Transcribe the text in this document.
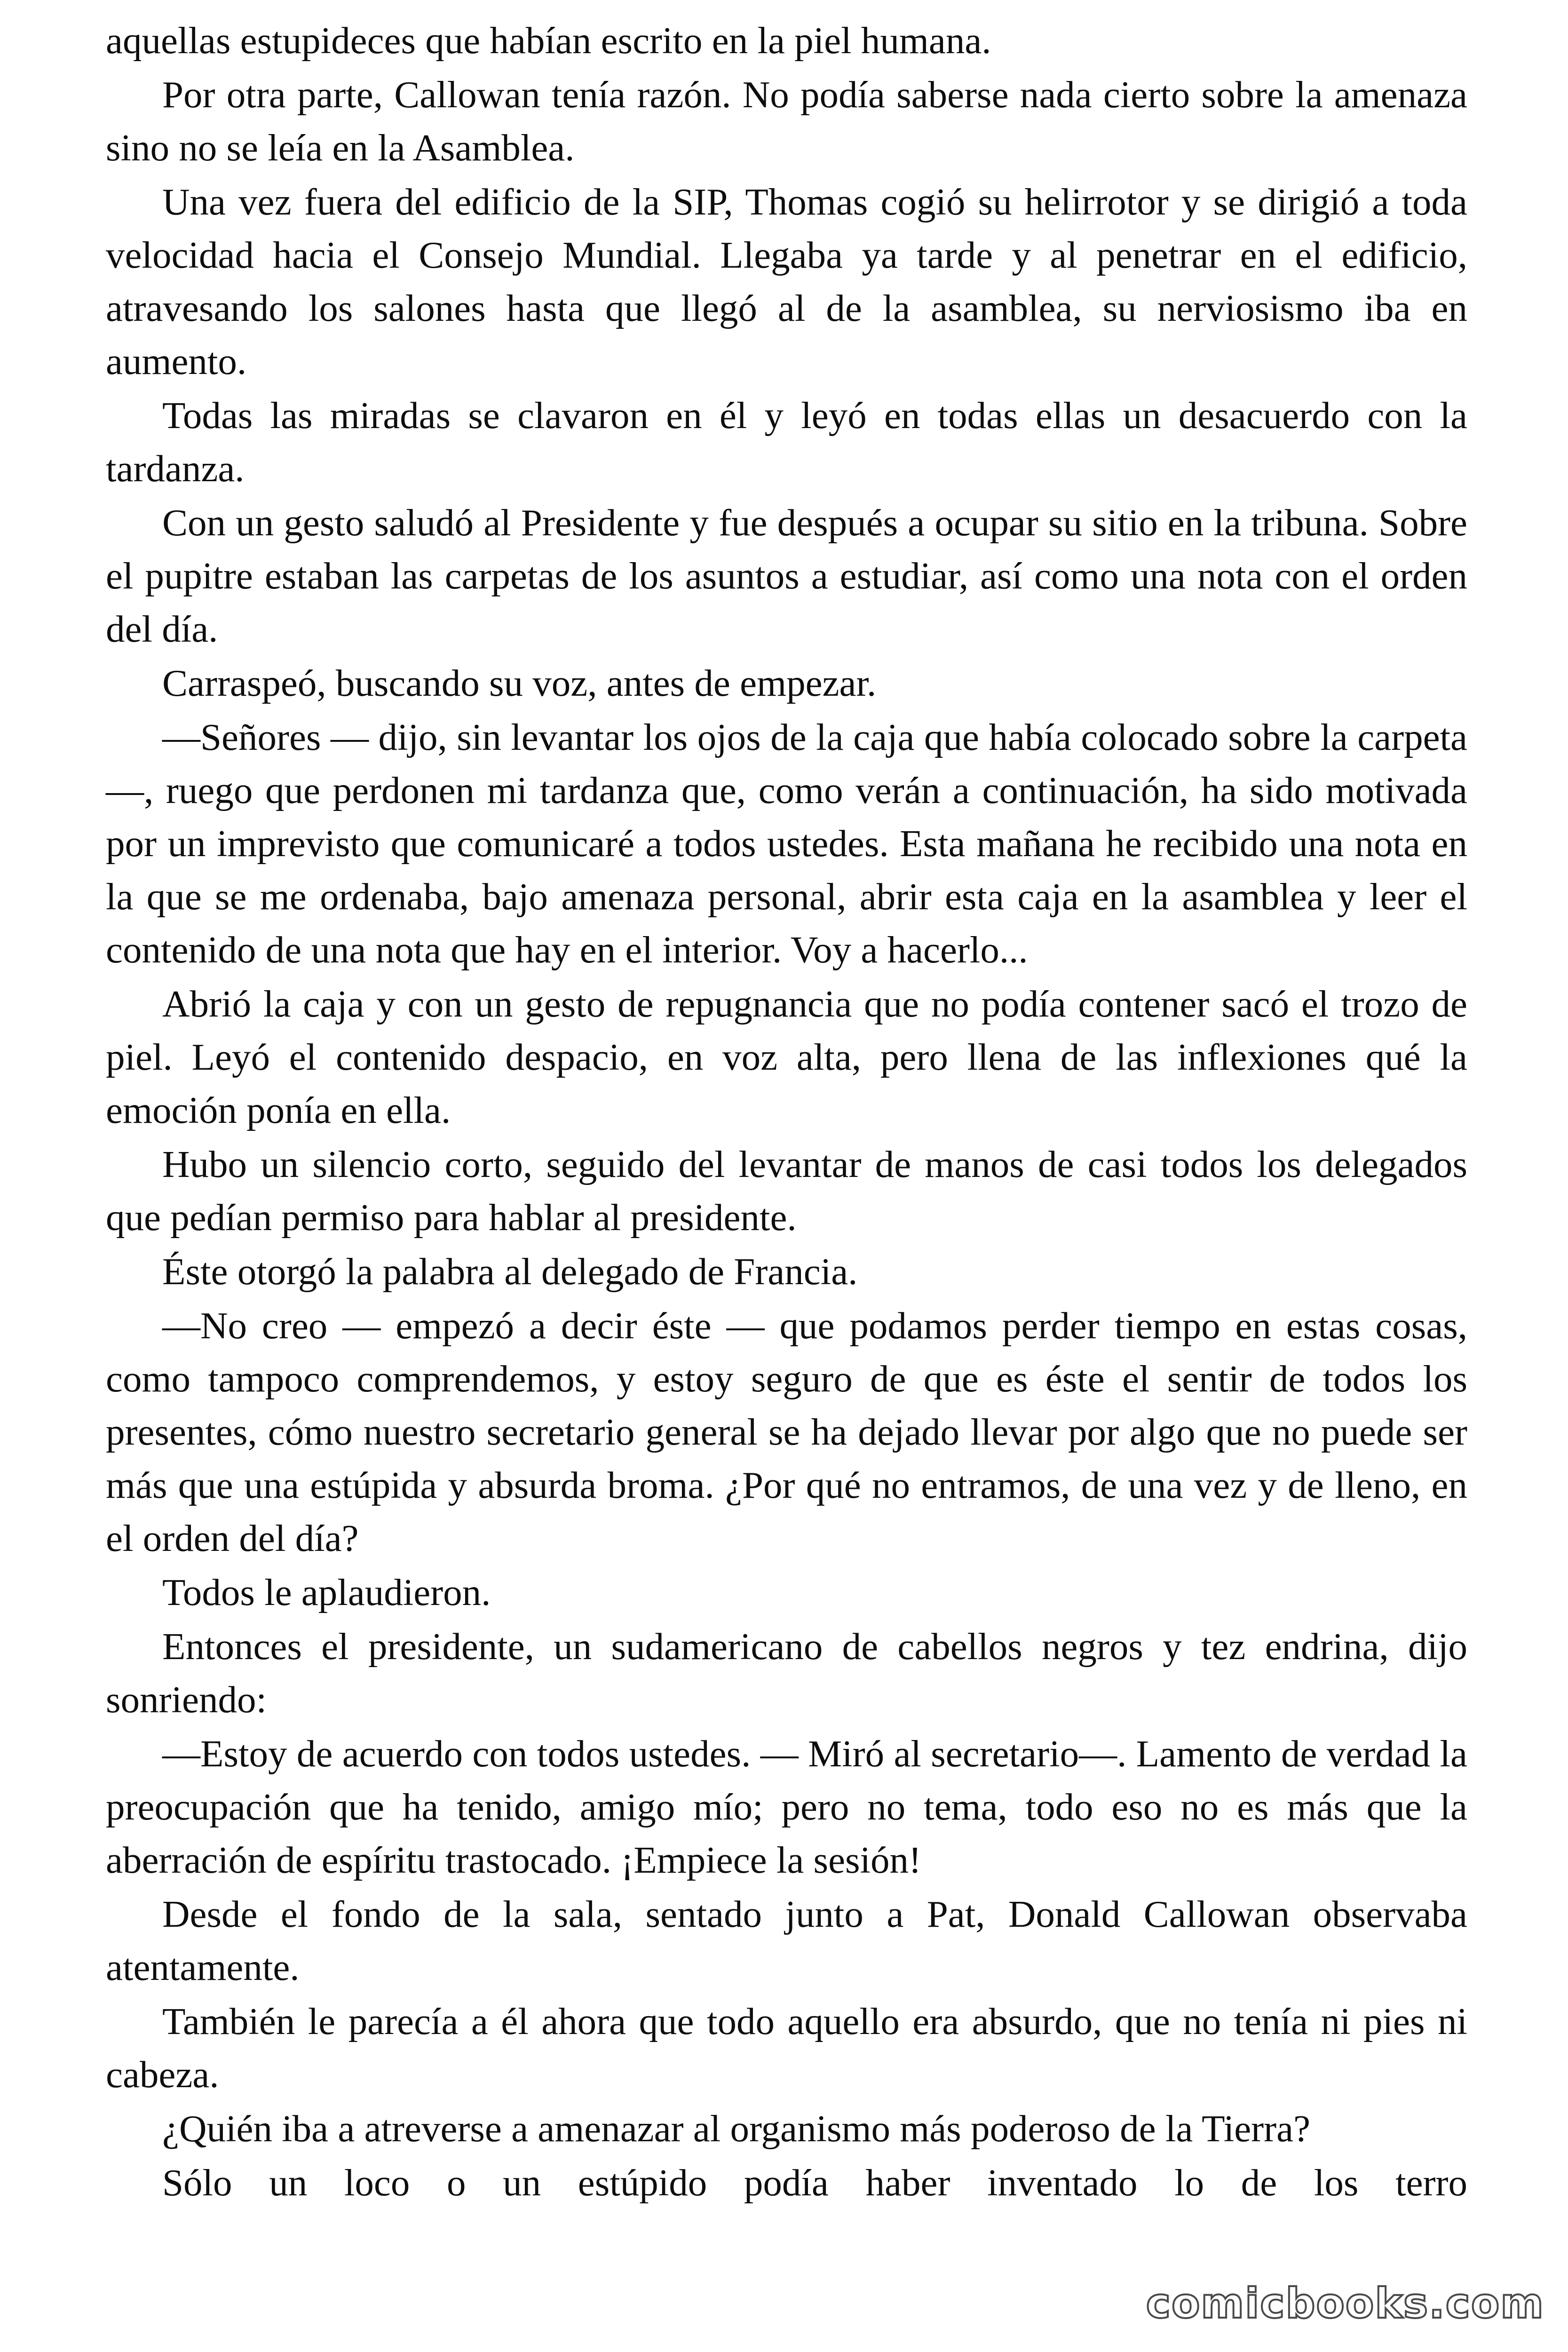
aquellas estupideces que habían escrito en la piel humana.

Por otra parte, Callowan tenía razón. No podía saberse nada cierto sobre la amenaza sino no se leía en la Asamblea.

Una vez fuera del edificio de la SIP, Thomas cogió su helirrotor y se dirigió a toda velocidad hacia el Consejo Mundial. Llegaba ya tarde y al penetrar en el edificio, atravesando los salones hasta que llegó al de la asamblea, su nerviosismo iba en aumento.

Todas las miradas se clavaron en él y leyó en todas ellas un desacuerdo con la tardanza.

Con un gesto saludó al Presidente y fue después a ocupar su sitio en la tribuna. Sobre el pupitre estaban las carpetas de los asuntos a estudiar, así como una nota con el orden del día.

Carraspeó, buscando su voz, antes de empezar.

—Señores — dijo, sin levantar los ojos de la caja que había colocado sobre la carpeta —, ruego que perdonen mi tardanza que, como verán a continuación, ha sido motivada por un imprevisto que comunicaré a todos ustedes. Esta mañana he recibido una nota en la que se me ordenaba, bajo amenaza personal, abrir esta caja en la asamblea y leer el contenido de una nota que hay en el interior. Voy a hacerlo...

Abrió la caja y con un gesto de repugnancia que no podía contener sacó el trozo de piel. Leyó el contenido despacio, en voz alta, pero llena de las inflexiones qué la emoción ponía en ella.

Hubo un silencio corto, seguido del levantar de manos de casi todos los delegados que pedían permiso para hablar al presidente.

Éste otorgó la palabra al delegado de Francia.

—No creo — empezó a decir éste — que podamos perder tiempo en estas cosas, como tampoco comprendemos, y estoy seguro de que es éste el sentir de todos los presentes, cómo nuestro secretario general se ha dejado llevar por algo que no puede ser más que una estúpida y absurda broma. ¿Por qué no entramos, de una vez y de lleno, en el orden del día?

Todos le aplaudieron.

Entonces el presidente, un sudamericano de cabellos negros y tez endrina, dijo sonriendo:

—Estoy de acuerdo con todos ustedes. — Miró al secretario—. Lamento de verdad la preocupación que ha tenido, amigo mío; pero no tema, todo eso no es más que la aberración de espíritu trastocado. ¡Empiece la sesión!

Desde el fondo de la sala, sentado junto a Pat, Donald Callowan observaba atentamente.

También le parecía a él ahora que todo aquello era absurdo, que no tenía ni pies ni cabeza.

¿Quién iba a atreverse a amenazar al organismo más poderoso de la Tierra?

Sólo un loco o un estúpido podía haber inventado lo de los terro

comicbooks.com
